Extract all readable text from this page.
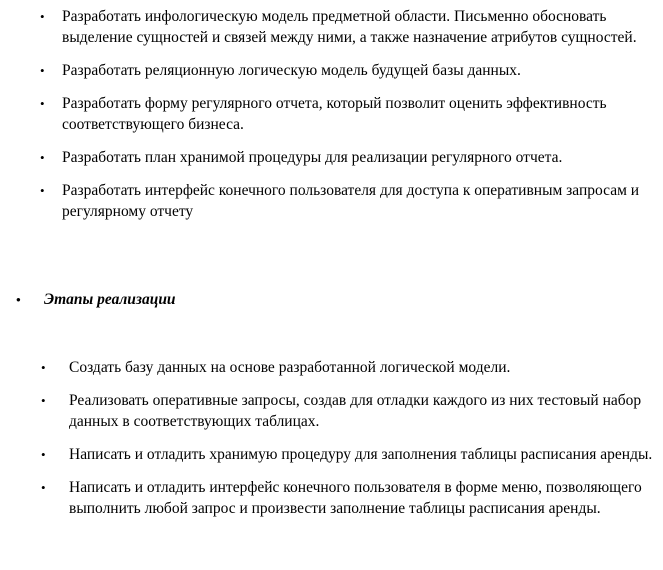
• Разработать инфологическую модель предметной области. Письменно обосновать выделение сущностей и связей между ними, а также назначение атрибутов сущностей.
• Разработать реляционную логическую модель будущей базы данных.
• Разработать форму регулярного отчета, который позволит оценить эффективность соответствующего бизнеса.
• Разработать план хранимой процедуры для реализации регулярного отчета.
• Разработать интерфейс конечного пользователя для доступа к оперативным запросам и регулярному отчету
• Этапы реализации
• Создать базу данных на основе разработанной логической модели.
• Реализовать оперативные запросы, создав для отладки каждого из них тестовый набор данных в соответствующих таблицах.
• Написать и отладить хранимую процедуру для заполнения таблицы расписания аренды.
• Написать и отладить интерфейс конечного пользователя в форме меню, позволяющего выполнить любой запрос и произвести заполнение таблицы расписания аренды.
